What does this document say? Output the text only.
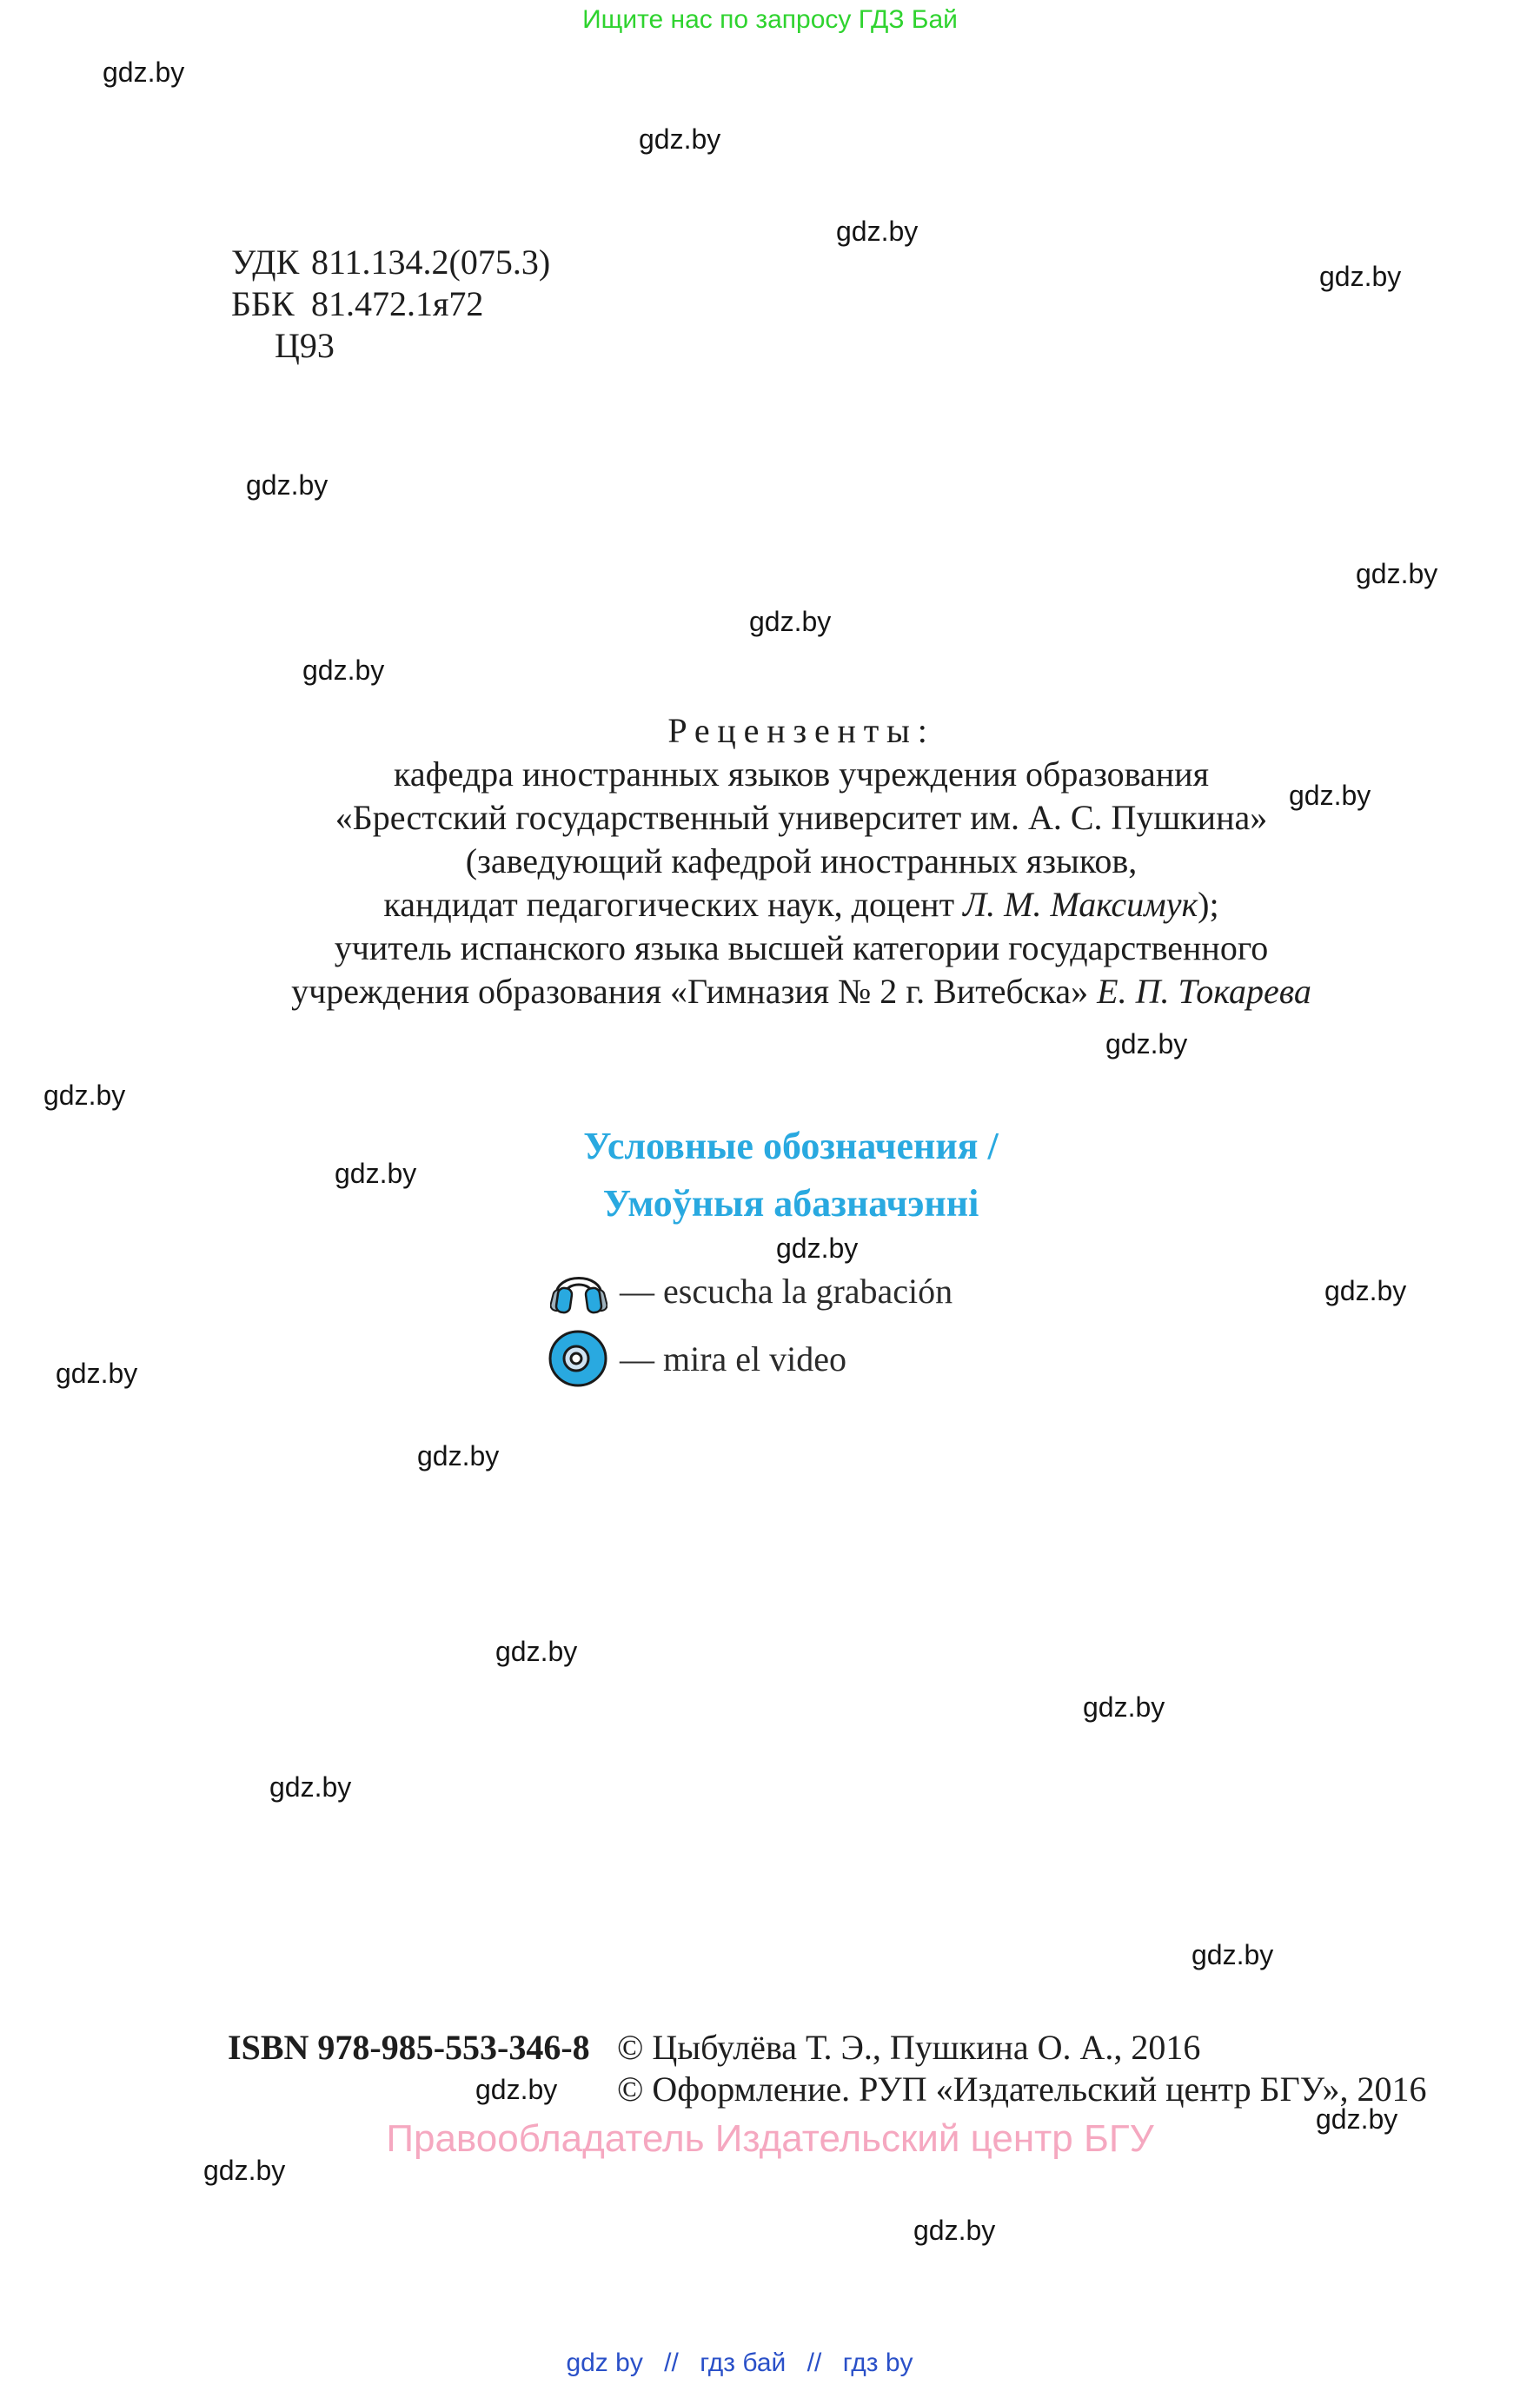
Ищите нас по запросу ГДЗ Бай
gdz.by
gdz.by
gdz.by
gdz.by
gdz.by
gdz.by
gdz.by
gdz.by
gdz.by
gdz.by
gdz.by
gdz.by
gdz.by
gdz.by
gdz.by
gdz.by
gdz.by
gdz.by
gdz.by
gdz.by
gdz.by
gdz.by
gdz.by
gdz.by
УДК 811.134.2(075.3)
ББК 81.472.1я72
Ц93
Рецензенты:
кафедра иностранных языков учреждения образования
«Брестский государственный университет им. А. С. Пушкина»
(заведующий кафедрой иностранных языков,
кандидат педагогических наук, доцент Л. М. Максимук);
учитель испанского языка высшей категории государственного
учреждения образования «Гимназия № 2 г. Витебска» Е. П. Токарева
Условные обозначения /
Умоўныя абазначэнні
— escucha la grabación
— mira el video
ISBN 978-985-553-346-8 © Цыбулёва Т. Э., Пушкина О. А., 2016
© Оформление. РУП «Издательский центр БГУ», 2016
Правообладатель Издательский центр БГУ
gdz by // гдз бай // гдз by
